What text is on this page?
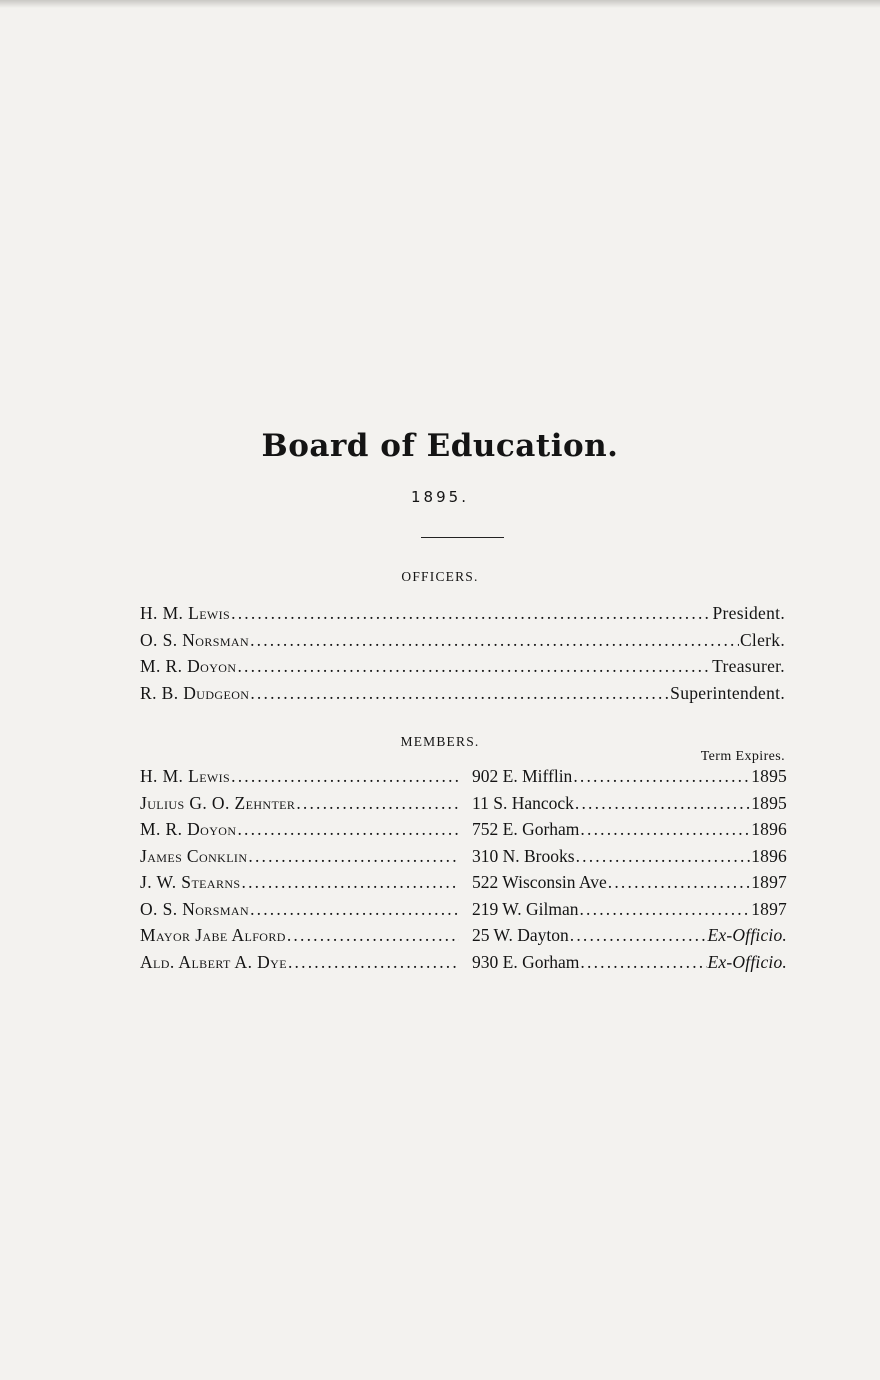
Board of Education.
1895.
OFFICERS.
H. M. Lewis .....	President.
O. S. Norsman .....	Clerk.
M. R. Doyon .....	Treasurer.
R. B. Dudgeon .....	Superintendent.
MEMBERS.
Term Expires.
H. M. Lewis .....	902 E. Mifflin .....	1895
Julius G. O. Zehnter .....	11 S. Hancock .....	1895
M. R. Doyon .....	752 E. Gorham .....	1896
James Conklin .....	310 N. Brooks .....	1896
J. W. Stearns .....	522 Wisconsin Ave .....	1897
O. S. Norsman .....	219 W. Gilman .....	1897
Mayor Jabe Alford .....	25 W. Dayton .....	Ex-Officio.
Ald. Albert A. Dye .....	930 E. Gorham .....	Ex-Officio.
